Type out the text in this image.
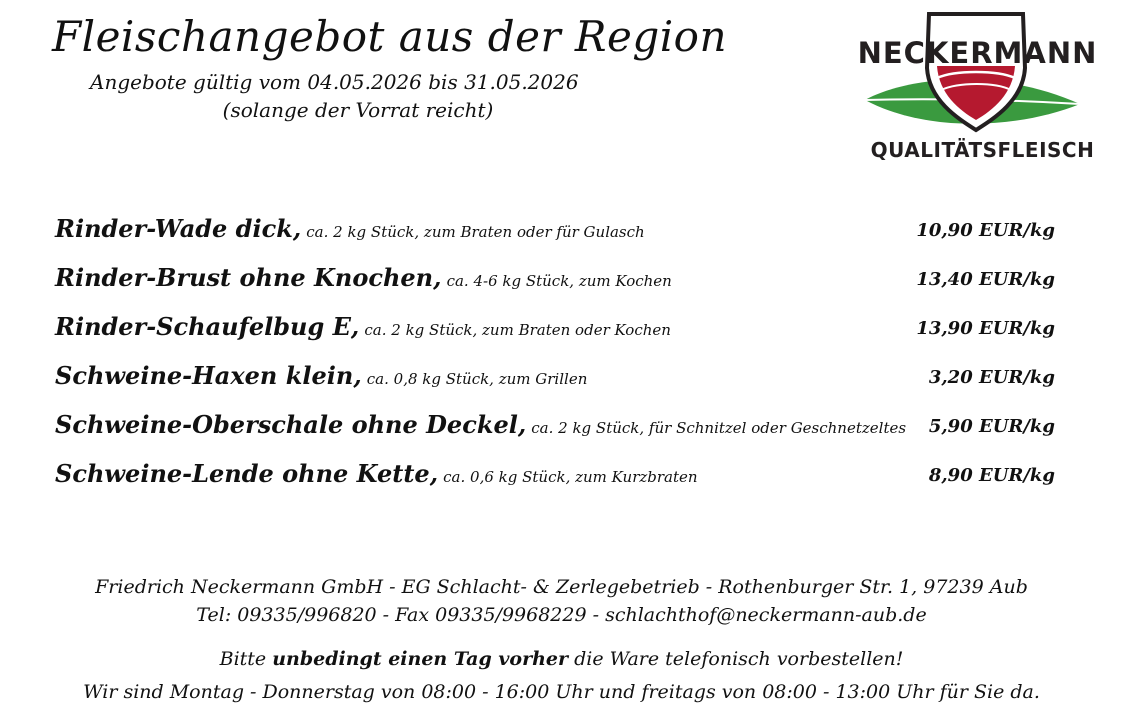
Fleischangebot aus der Region
Angebote gültig vom 04.05.2026 bis 31.05.2026
(solange der Vorrat reicht)
NECKERMANN
QUALITÄTSFLEISCH
Rinder-Wade dick, ca. 2 kg Stück, zum Braten oder für Gulasch	10,90 EUR/kg
Rinder-Brust ohne Knochen, ca. 4-6 kg Stück, zum Kochen	13,40 EUR/kg
Rinder-Schaufelbug E, ca. 2 kg Stück, zum Braten oder Kochen	13,90 EUR/kg
Schweine-Haxen klein, ca. 0,8 kg Stück, zum Grillen	3,20 EUR/kg
Schweine-Oberschale ohne Deckel, ca. 2 kg Stück, für Schnitzel oder Geschnetzeltes 5,90 EUR/kg
Schweine-Lende ohne Kette, ca. 0,6 kg Stück, zum Kurzbraten	8,90 EUR/kg
Friedrich Neckermann GmbH - EG Schlacht- & Zerlegebetrieb - Rothenburger Str. 1, 97239 Aub
Tel: 09335/996820 - Fax 09335/9968229 - schlachthof@neckermann-aub.de
Bitte unbedingt einen Tag vorher die Ware telefonisch vorbestellen!
Wir sind Montag - Donnerstag von 08:00 - 16:00 Uhr und freitags von 08:00 - 13:00 Uhr für Sie da.
